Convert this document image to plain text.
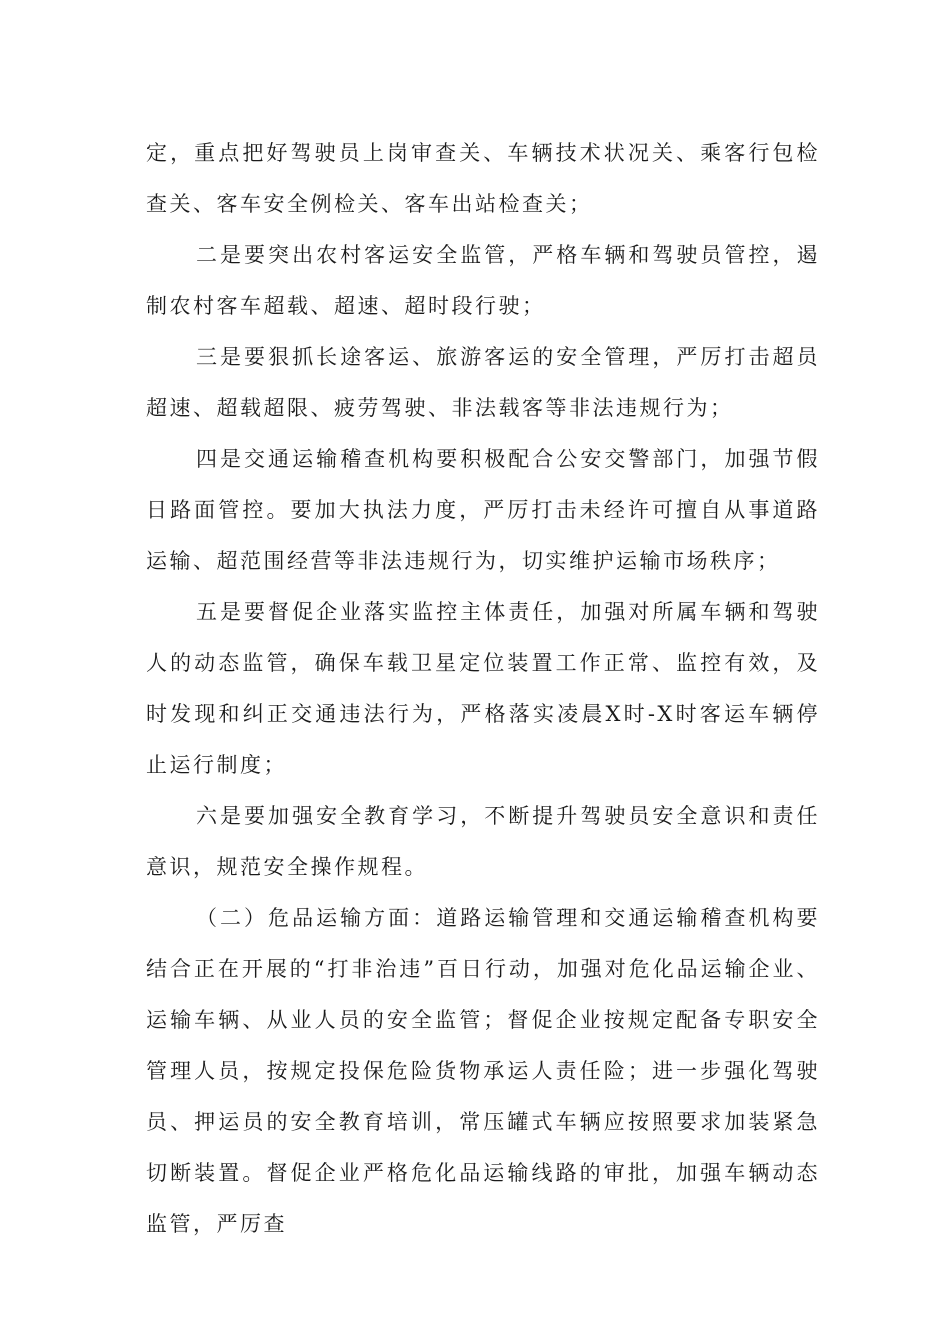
定，重点把好驾驶员上岗审查关、车辆技术状况关、乘客行包检查关、客车安全例检关、客车出站检查关；

二是要突出农村客运安全监管，严格车辆和驾驶员管控，遏制农村客车超载、超速、超时段行驶；

三是要狠抓长途客运、旅游客运的安全管理，严厉打击超员超速、超载超限、疲劳驾驶、非法载客等非法违规行为；

四是交通运输稽查机构要积极配合公安交警部门，加强节假日路面管控。要加大执法力度，严厉打击未经许可擅自从事道路运输、超范围经营等非法违规行为，切实维护运输市场秩序；

五是要督促企业落实监控主体责任，加强对所属车辆和驾驶人的动态监管，确保车载卫星定位装置工作正常、监控有效，及时发现和纠正交通违法行为，严格落实凌晨X时-X时客运车辆停止运行制度；

六是要加强安全教育学习，不断提升驾驶员安全意识和责任意识，规范安全操作规程。

（二）危品运输方面：道路运输管理和交通运输稽查机构要结合正在开展的“打非治违”百日行动，加强对危化品运输企业、运输车辆、从业人员的安全监管；督促企业按规定配备专职安全管理人员，按规定投保危险货物承运人责任险；进一步强化驾驶员、押运员的安全教育培训，常压罐式车辆应按照要求加装紧急切断装置。督促企业严格危化品运输线路的审批，加强车辆动态监管，严厉查
